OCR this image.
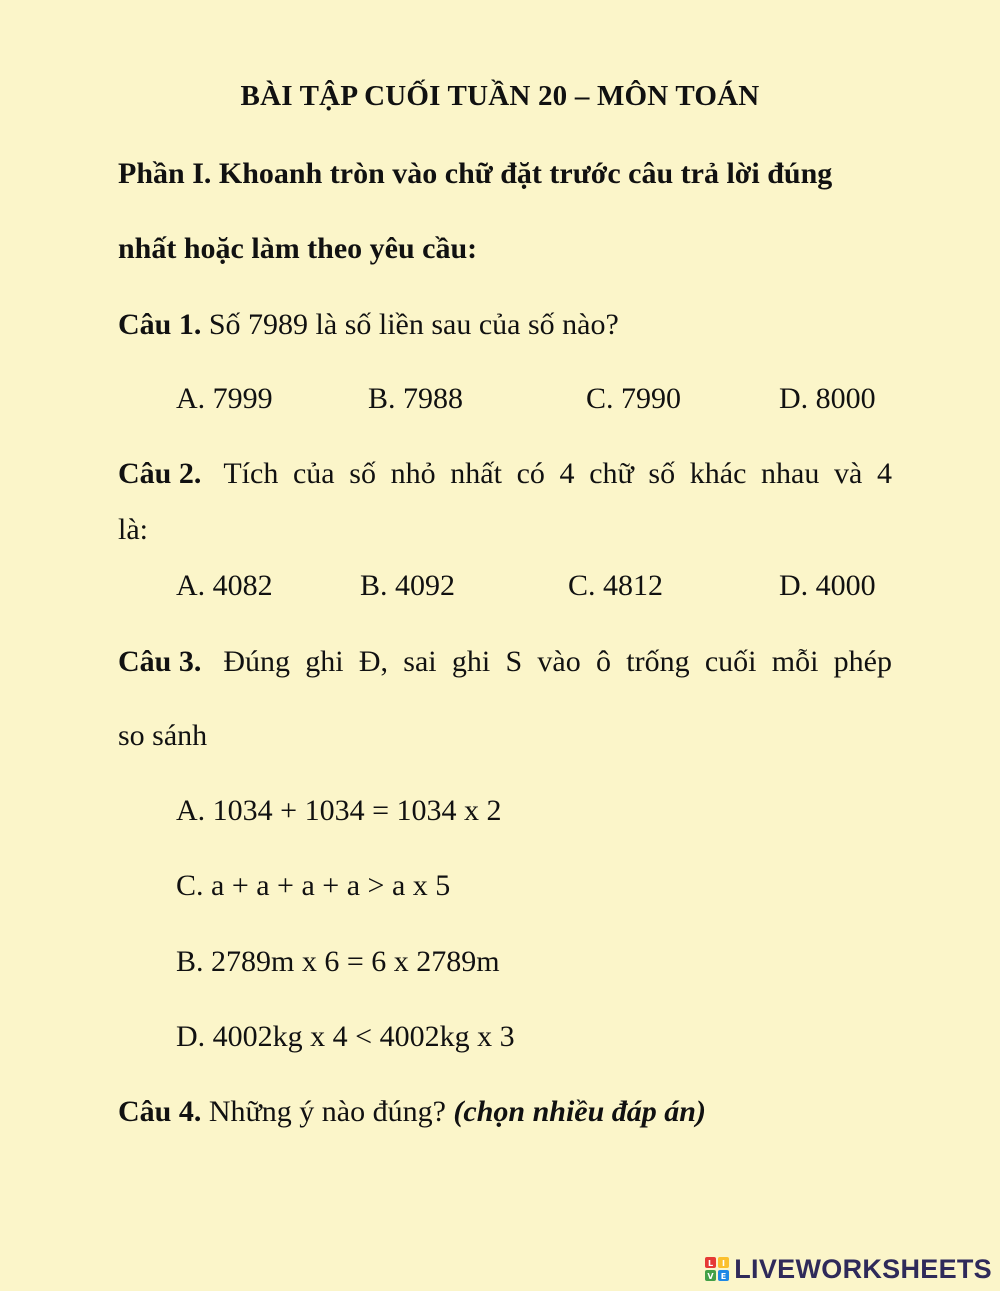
BÀI TẬP CUỐI TUẦN 20 – MÔN TOÁN
Phần I. Khoanh tròn vào chữ đặt trước câu trả lời đúng
nhất hoặc làm theo yêu cầu:
Câu 1. Số 7989 là số liền sau của số nào?
A. 7999	B. 7988	C. 7990	D. 8000
Câu 2. Tích của số nhỏ nhất có 4 chữ số khác nhau và 4
là:
A. 4082	B. 4092	C. 4812	D. 4000
Câu 3. Đúng ghi Đ, sai ghi S vào ô trống cuối mỗi phép
so sánh
A. 1034 + 1034 = 1034 x 2
C. a + a + a + a > a x 5
B. 2789m x 6 = 6 x 2789m
D. 4002kg x 4 < 4002kg x 3
Câu 4. Những ý nào đúng? (chọn nhiều đáp án)
L I
V E LIVEWORKSHEETS
